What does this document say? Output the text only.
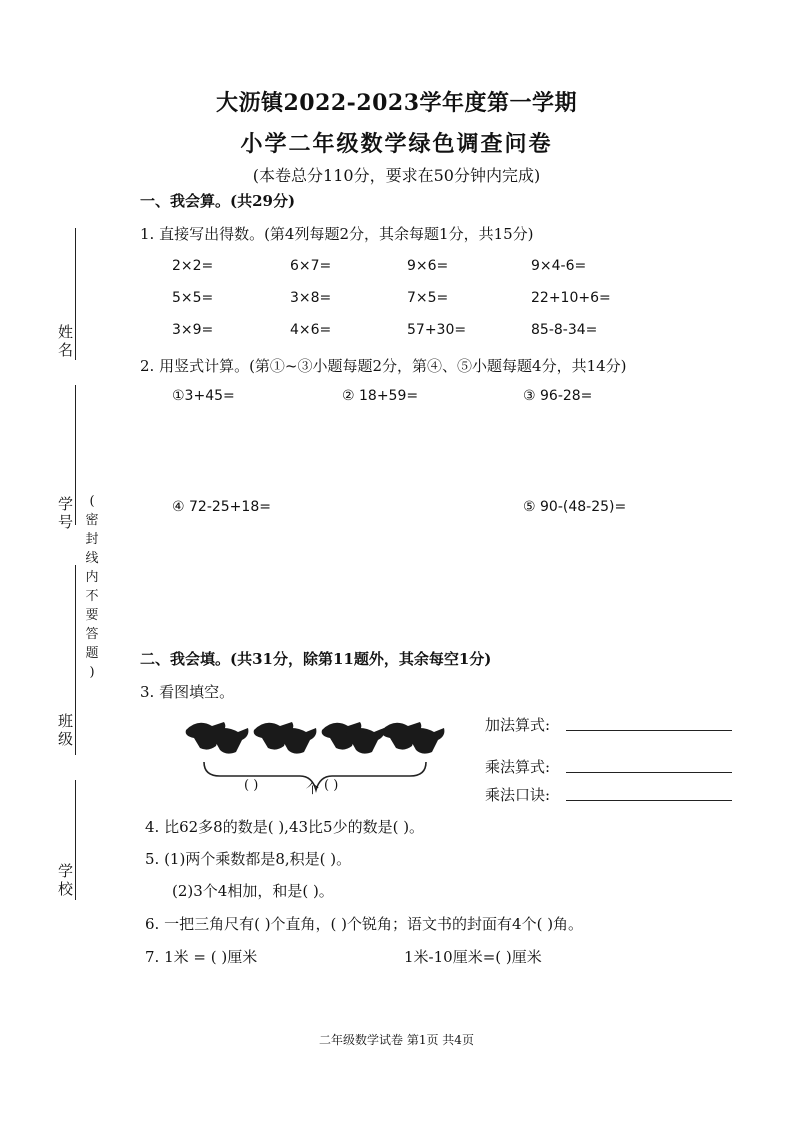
大沥镇2022-2023学年度第一学期
小学二年级数学绿色调查问卷
(本卷总分110分，要求在50分钟内完成)
姓名
学号
班级
学校
(
密
封
线
内
不
要
答
题
)
一、我会算。(共29分)
1. 直接写出得数。(第4列每题2分，其余每题1分，共15分)
2×2=	6×7=	9×6=	9×4-6=
5×5=	3×8=	7×5=	22+10+6=
3×9=	4×6=	57+30=	85-8-34=
2. 用竖式计算。(第①~③小题每题2分，第④、⑤小题每题4分，共14分)
①3+45=	② 18+59=	③ 96-28=
④ 72-25+18=	⑤ 90-(48-25)=
二、我会填。(共31分，除第11题外，其余每空1分)
3. 看图填空。
( )	个 ( )
加法算式:
乘法算式:
乘法口诀:
4. 比62多8的数是( ),43比5少的数是( )。
5. (1)两个乘数都是8,积是( )。
(2)3个4相加，和是( )。
6. 一把三角尺有( )个直角，( )个锐角；语文书的封面有4个( )角。
7. 1米 = ( )厘米	1米-10厘米=( )厘米
二年级数学试卷 第1页 共4页
